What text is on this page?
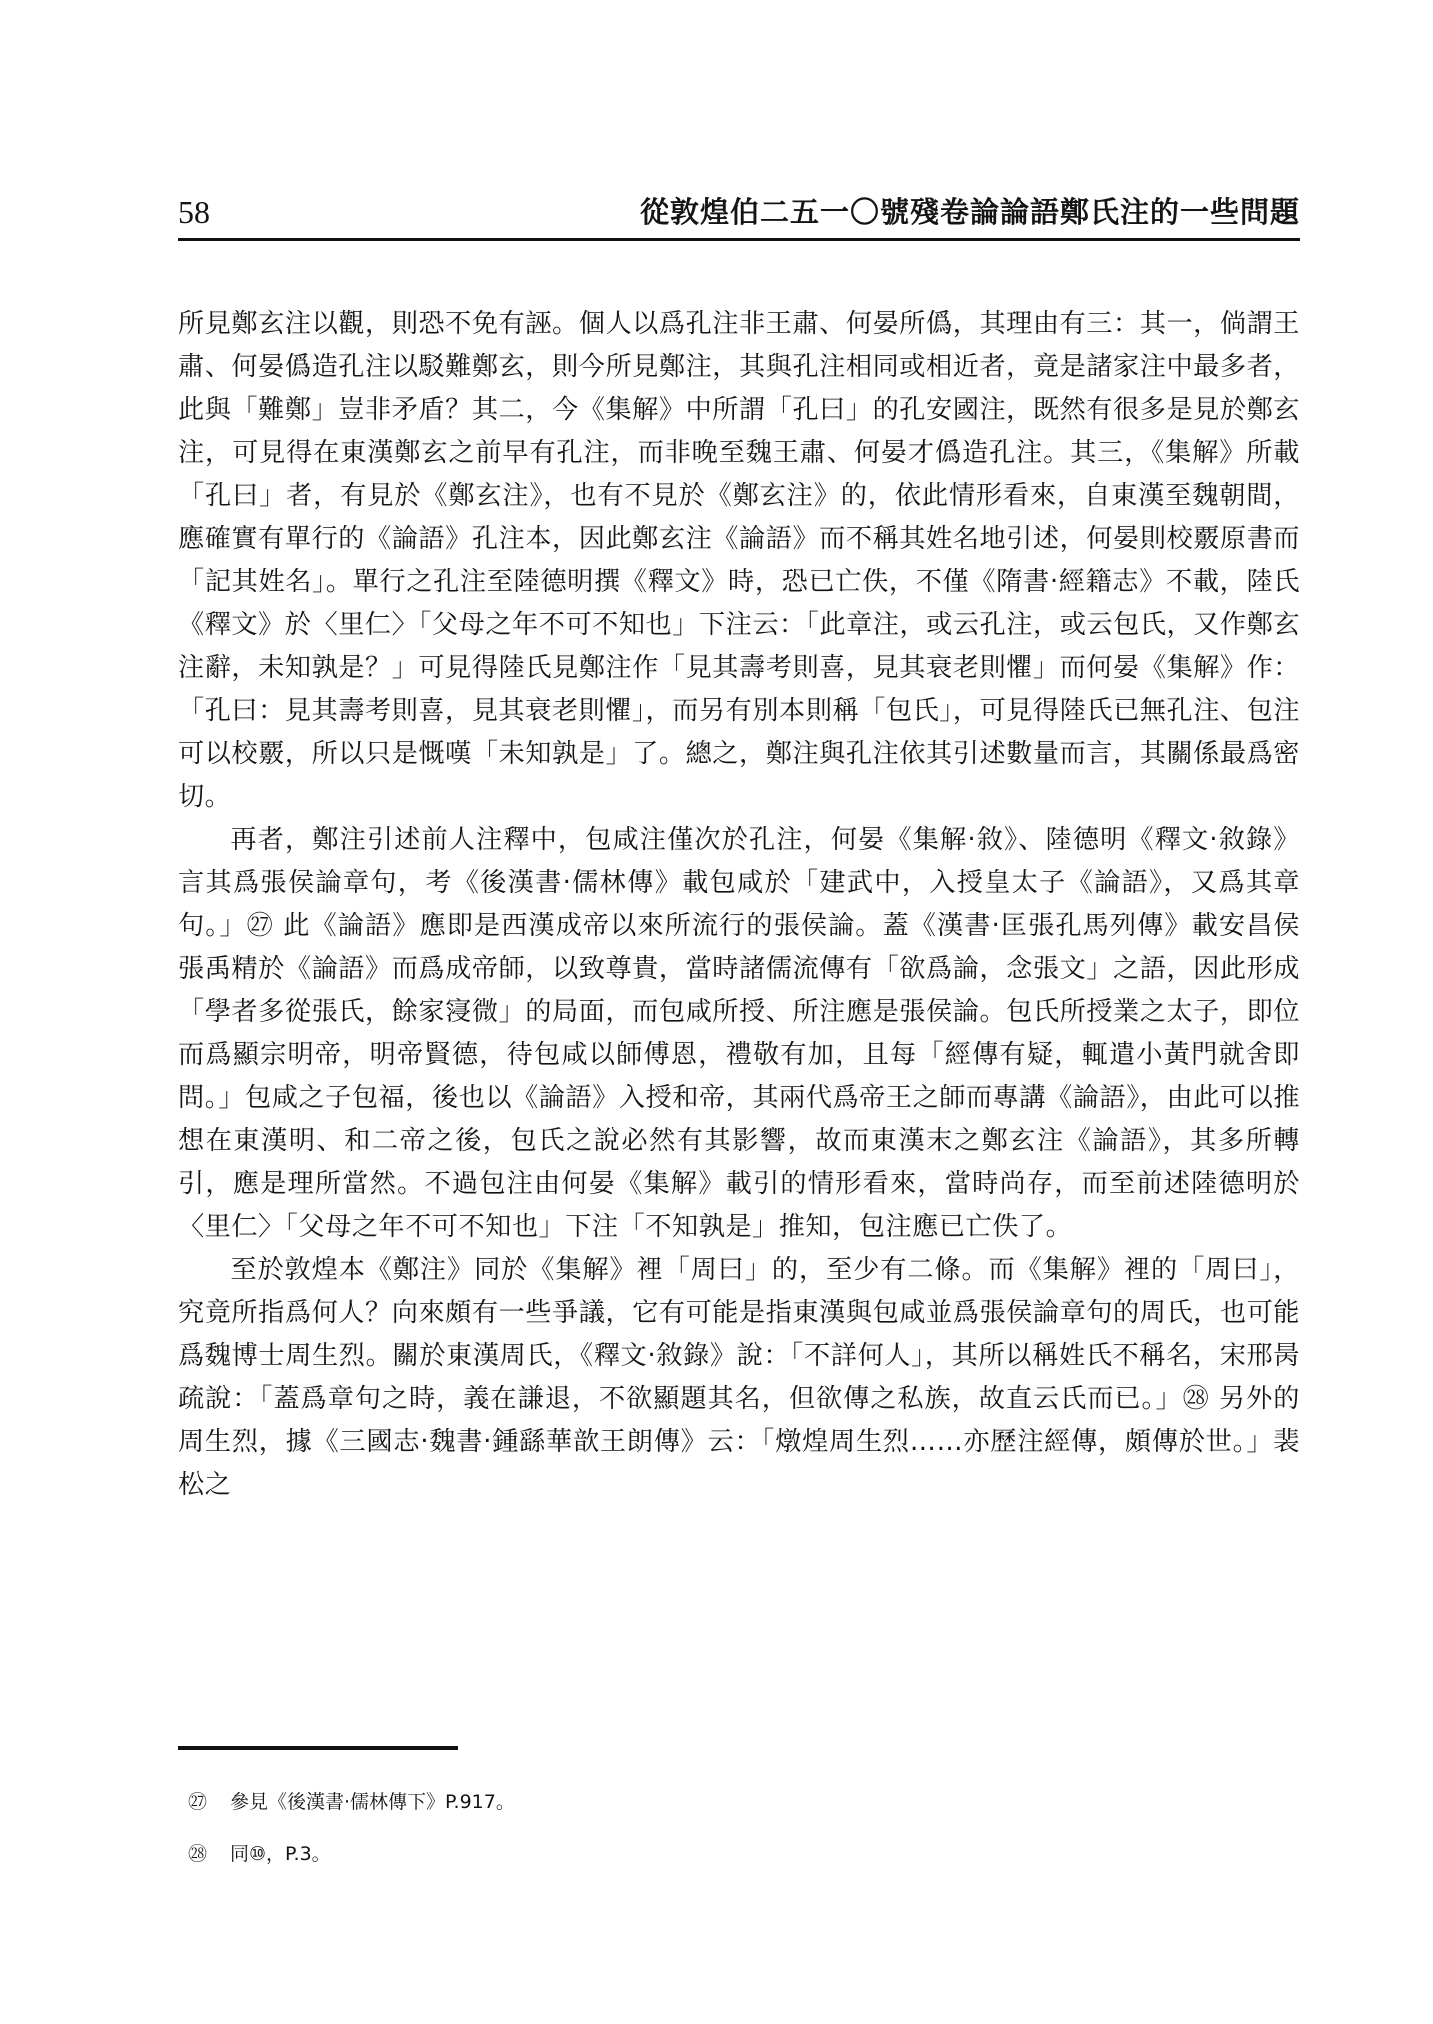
58	從敦煌伯二五一〇號殘卷論論語鄭氏注的一些問題

所見鄭玄注以觀，則恐不免有誣。個人以爲孔注非王肅、何晏所僞，其理由有三：其一，倘謂王肅、何晏僞造孔注以駁難鄭玄，則今所見鄭注，其與孔注相同或相近者，竟是諸家注中最多者，此與「難鄭」豈非矛盾？其二，今《集解》中所謂「孔曰」的孔安國注，既然有很多是見於鄭玄注，可見得在東漢鄭玄之前早有孔注，而非晚至魏王肅、何晏才僞造孔注。其三，《集解》所載「孔曰」者，有見於《鄭玄注》，也有不見於《鄭玄注》的，依此情形看來，自東漢至魏朝間，應確實有單行的《論語》孔注本，因此鄭玄注《論語》而不稱其姓名地引述，何晏則校覈原書而「記其姓名」。單行之孔注至陸德明撰《釋文》時，恐已亡佚，不僅《隋書‧經籍志》不載，陸氏《釋文》於〈里仁〉「父母之年不可不知也」下注云：「此章注，或云孔注，或云包氏，又作鄭玄注辭，未知孰是？」可見得陸氏見鄭注作「見其壽考則喜，見其衰老則懼」而何晏《集解》作：「孔曰：見其壽考則喜，見其衰老則懼」，而另有別本則稱「包氏」，可見得陸氏已無孔注、包注可以校覈，所以只是慨嘆「未知孰是」了。總之，鄭注與孔注依其引述數量而言，其關係最爲密切。

再者，鄭注引述前人注釋中，包咸注僅次於孔注，何晏《集解‧敘》、陸德明《釋文‧敘錄》言其爲張侯論章句，考《後漢書‧儒林傳》載包咸於「建武中，入授皇太子《論語》，又爲其章句。」㉗ 此《論語》應即是西漢成帝以來所流行的張侯論。蓋《漢書‧匡張孔馬列傳》載安昌侯張禹精於《論語》而爲成帝師，以致尊貴，當時諸儒流傳有「欲爲論，念張文」之語，因此形成「學者多從張氏，餘家寖微」的局面，而包咸所授、所注應是張侯論。包氏所授業之太子，即位而爲顯宗明帝，明帝賢德，待包咸以師傅恩，禮敬有加，且每「經傳有疑，輒遣小黃門就舍即問。」包咸之子包福，後也以《論語》入授和帝，其兩代爲帝王之師而專講《論語》，由此可以推想在東漢明、和二帝之後，包氏之說必然有其影響，故而東漢末之鄭玄注《論語》，其多所轉引，應是理所當然。不過包注由何晏《集解》載引的情形看來，當時尚存，而至前述陸德明於〈里仁〉「父母之年不可不知也」下注「不知孰是」推知，包注應已亡佚了。

至於敦煌本《鄭注》同於《集解》裡「周曰」的，至少有二條。而《集解》裡的「周曰」，究竟所指爲何人？向來頗有一些爭議，它有可能是指東漢與包咸並爲張侯論章句的周氏，也可能爲魏博士周生烈。關於東漢周氏，《釋文‧敘錄》說：「不詳何人」，其所以稱姓氏不稱名，宋邢昺疏說：「蓋爲章句之時，義在謙退，不欲顯題其名，但欲傳之私族，故直云氏而已。」㉘ 另外的周生烈，據《三國志‧魏書‧鍾繇華歆王朗傳》云：「燉煌周生烈……亦歷注經傳，頗傳於世。」裴松之

㉗ 參見《後漢書‧儒林傳下》P.917。

㉘ 同⑩，P.3。
